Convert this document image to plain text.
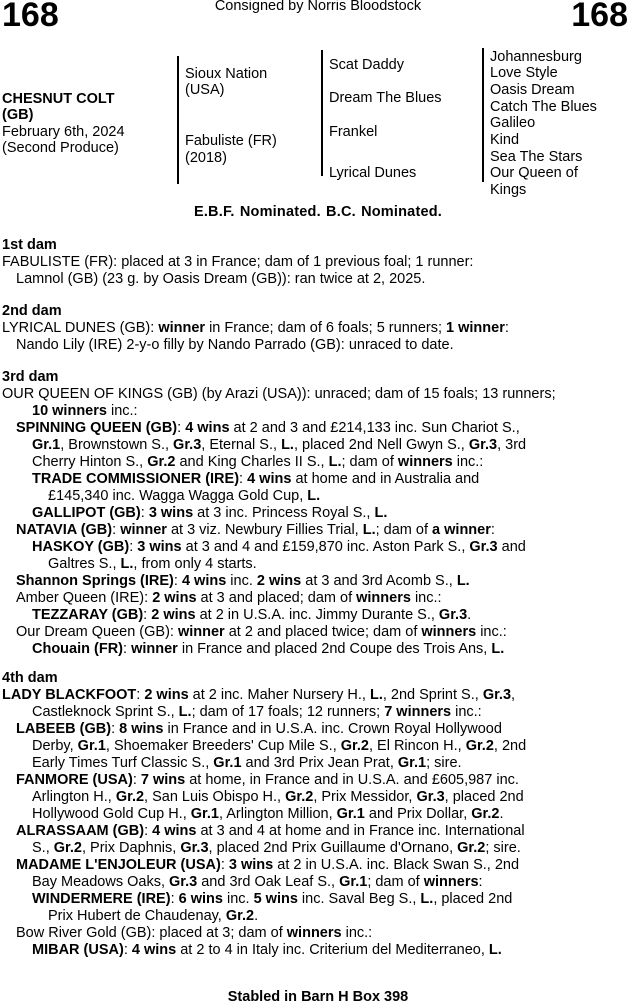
168	Consigned by Norris Bloodstock	168
CHESNUT COLT
(GB)
February 6th, 2024
(Second Produce)
Sioux Nation
(USA)
Fabuliste (FR)
(2018)
Scat Daddy
Dream The Blues
Frankel
Lyrical Dunes
Johannesburg
Love Style
Oasis Dream
Catch The Blues
Galileo
Kind
Sea The Stars
Our Queen of
Kings
E.B.F. Nominated. B.C. Nominated.
1st dam
FABULISTE (FR): placed at 3 in France; dam of 1 previous foal; 1 runner:
Lamnol (GB) (23 g. by Oasis Dream (GB)): ran twice at 2, 2025.
2nd dam
LYRICAL DUNES (GB): winner in France; dam of 6 foals; 5 runners; 1 winner:
Nando Lily (IRE) 2-y-o filly by Nando Parrado (GB): unraced to date.
3rd dam
OUR QUEEN OF KINGS (GB) (by Arazi (USA)): unraced; dam of 15 foals; 13 runners;
10 winners inc.:
SPINNING QUEEN (GB): 4 wins at 2 and 3 and £214,133 inc. Sun Chariot S.,
Gr.1, Brownstown S., Gr.3, Eternal S., L., placed 2nd Nell Gwyn S., Gr.3, 3rd
Cherry Hinton S., Gr.2 and King Charles II S., L.; dam of winners inc.:
TRADE COMMISSIONER (IRE): 4 wins at home and in Australia and
£145,340 inc. Wagga Wagga Gold Cup, L.
GALLIPOT (GB): 3 wins at 3 inc. Princess Royal S., L.
NATAVIA (GB): winner at 3 viz. Newbury Fillies Trial, L.; dam of a winner:
HASKOY (GB): 3 wins at 3 and 4 and £159,870 inc. Aston Park S., Gr.3 and
Galtres S., L., from only 4 starts.
Shannon Springs (IRE): 4 wins inc. 2 wins at 3 and 3rd Acomb S., L.
Amber Queen (IRE): 2 wins at 3 and placed; dam of winners inc.:
TEZZARAY (GB): 2 wins at 2 in U.S.A. inc. Jimmy Durante S., Gr.3.
Our Dream Queen (GB): winner at 2 and placed twice; dam of winners inc.:
Chouain (FR): winner in France and placed 2nd Coupe des Trois Ans, L.
4th dam
LADY BLACKFOOT: 2 wins at 2 inc. Maher Nursery H., L., 2nd Sprint S., Gr.3,
Castleknock Sprint S., L.; dam of 17 foals; 12 runners; 7 winners inc.:
LABEEB (GB): 8 wins in France and in U.S.A. inc. Crown Royal Hollywood
Derby, Gr.1, Shoemaker Breeders' Cup Mile S., Gr.2, El Rincon H., Gr.2, 2nd
Early Times Turf Classic S., Gr.1 and 3rd Prix Jean Prat, Gr.1; sire.
FANMORE (USA): 7 wins at home, in France and in U.S.A. and £605,987 inc.
Arlington H., Gr.2, San Luis Obispo H., Gr.2, Prix Messidor, Gr.3, placed 2nd
Hollywood Gold Cup H., Gr.1, Arlington Million, Gr.1 and Prix Dollar, Gr.2.
ALRASSAAM (GB): 4 wins at 3 and 4 at home and in France inc. International
S., Gr.2, Prix Daphnis, Gr.3, placed 2nd Prix Guillaume d'Ornano, Gr.2; sire.
MADAME L'ENJOLEUR (USA): 3 wins at 2 in U.S.A. inc. Black Swan S., 2nd
Bay Meadows Oaks, Gr.3 and 3rd Oak Leaf S., Gr.1; dam of winners:
WINDERMERE (IRE): 6 wins inc. 5 wins inc. Saval Beg S., L., placed 2nd
Prix Hubert de Chaudenay, Gr.2.
Bow River Gold (GB): placed at 3; dam of winners inc.:
MIBAR (USA): 4 wins at 2 to 4 in Italy inc. Criterium del Mediterraneo, L.
Stabled in Barn H Box 398
